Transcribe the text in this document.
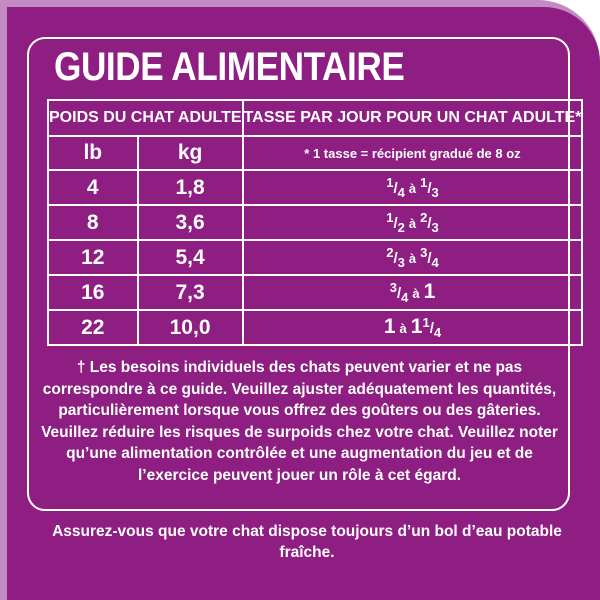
GUIDE ALIMENTAIRE
POIDS DU CHAT ADULTE		TASSE PAR JOUR POUR UN CHAT ADULTE*
lb	kg	* 1 tasse = récipient gradué de 8 oz
4	1,8	$^1/_4$ à $^1/_3$
8	3,6	$^1/_2$ à $^2/_3$
12	5,4	$^2/_3$ à $^3/_4$
16	7,3	$^3/_4$ à 1
22	10,0	1 à $1^1/_4$
† Les besoins individuels des chats peuvent varier et ne pas correspondre à ce guide. Veuillez ajuster adéquatement les quantités, particulièrement lorsque vous offrez des goûters ou des gâteries. Veuillez réduire les risques de surpoids chez votre chat. Veuillez noter qu’une alimentation contrôlée et une augmentation du jeu et de l’exercice peuvent jouer un rôle à cet égard.
Assurez-vous que votre chat dispose toujours d’un bol d’eau potable fraîche.
